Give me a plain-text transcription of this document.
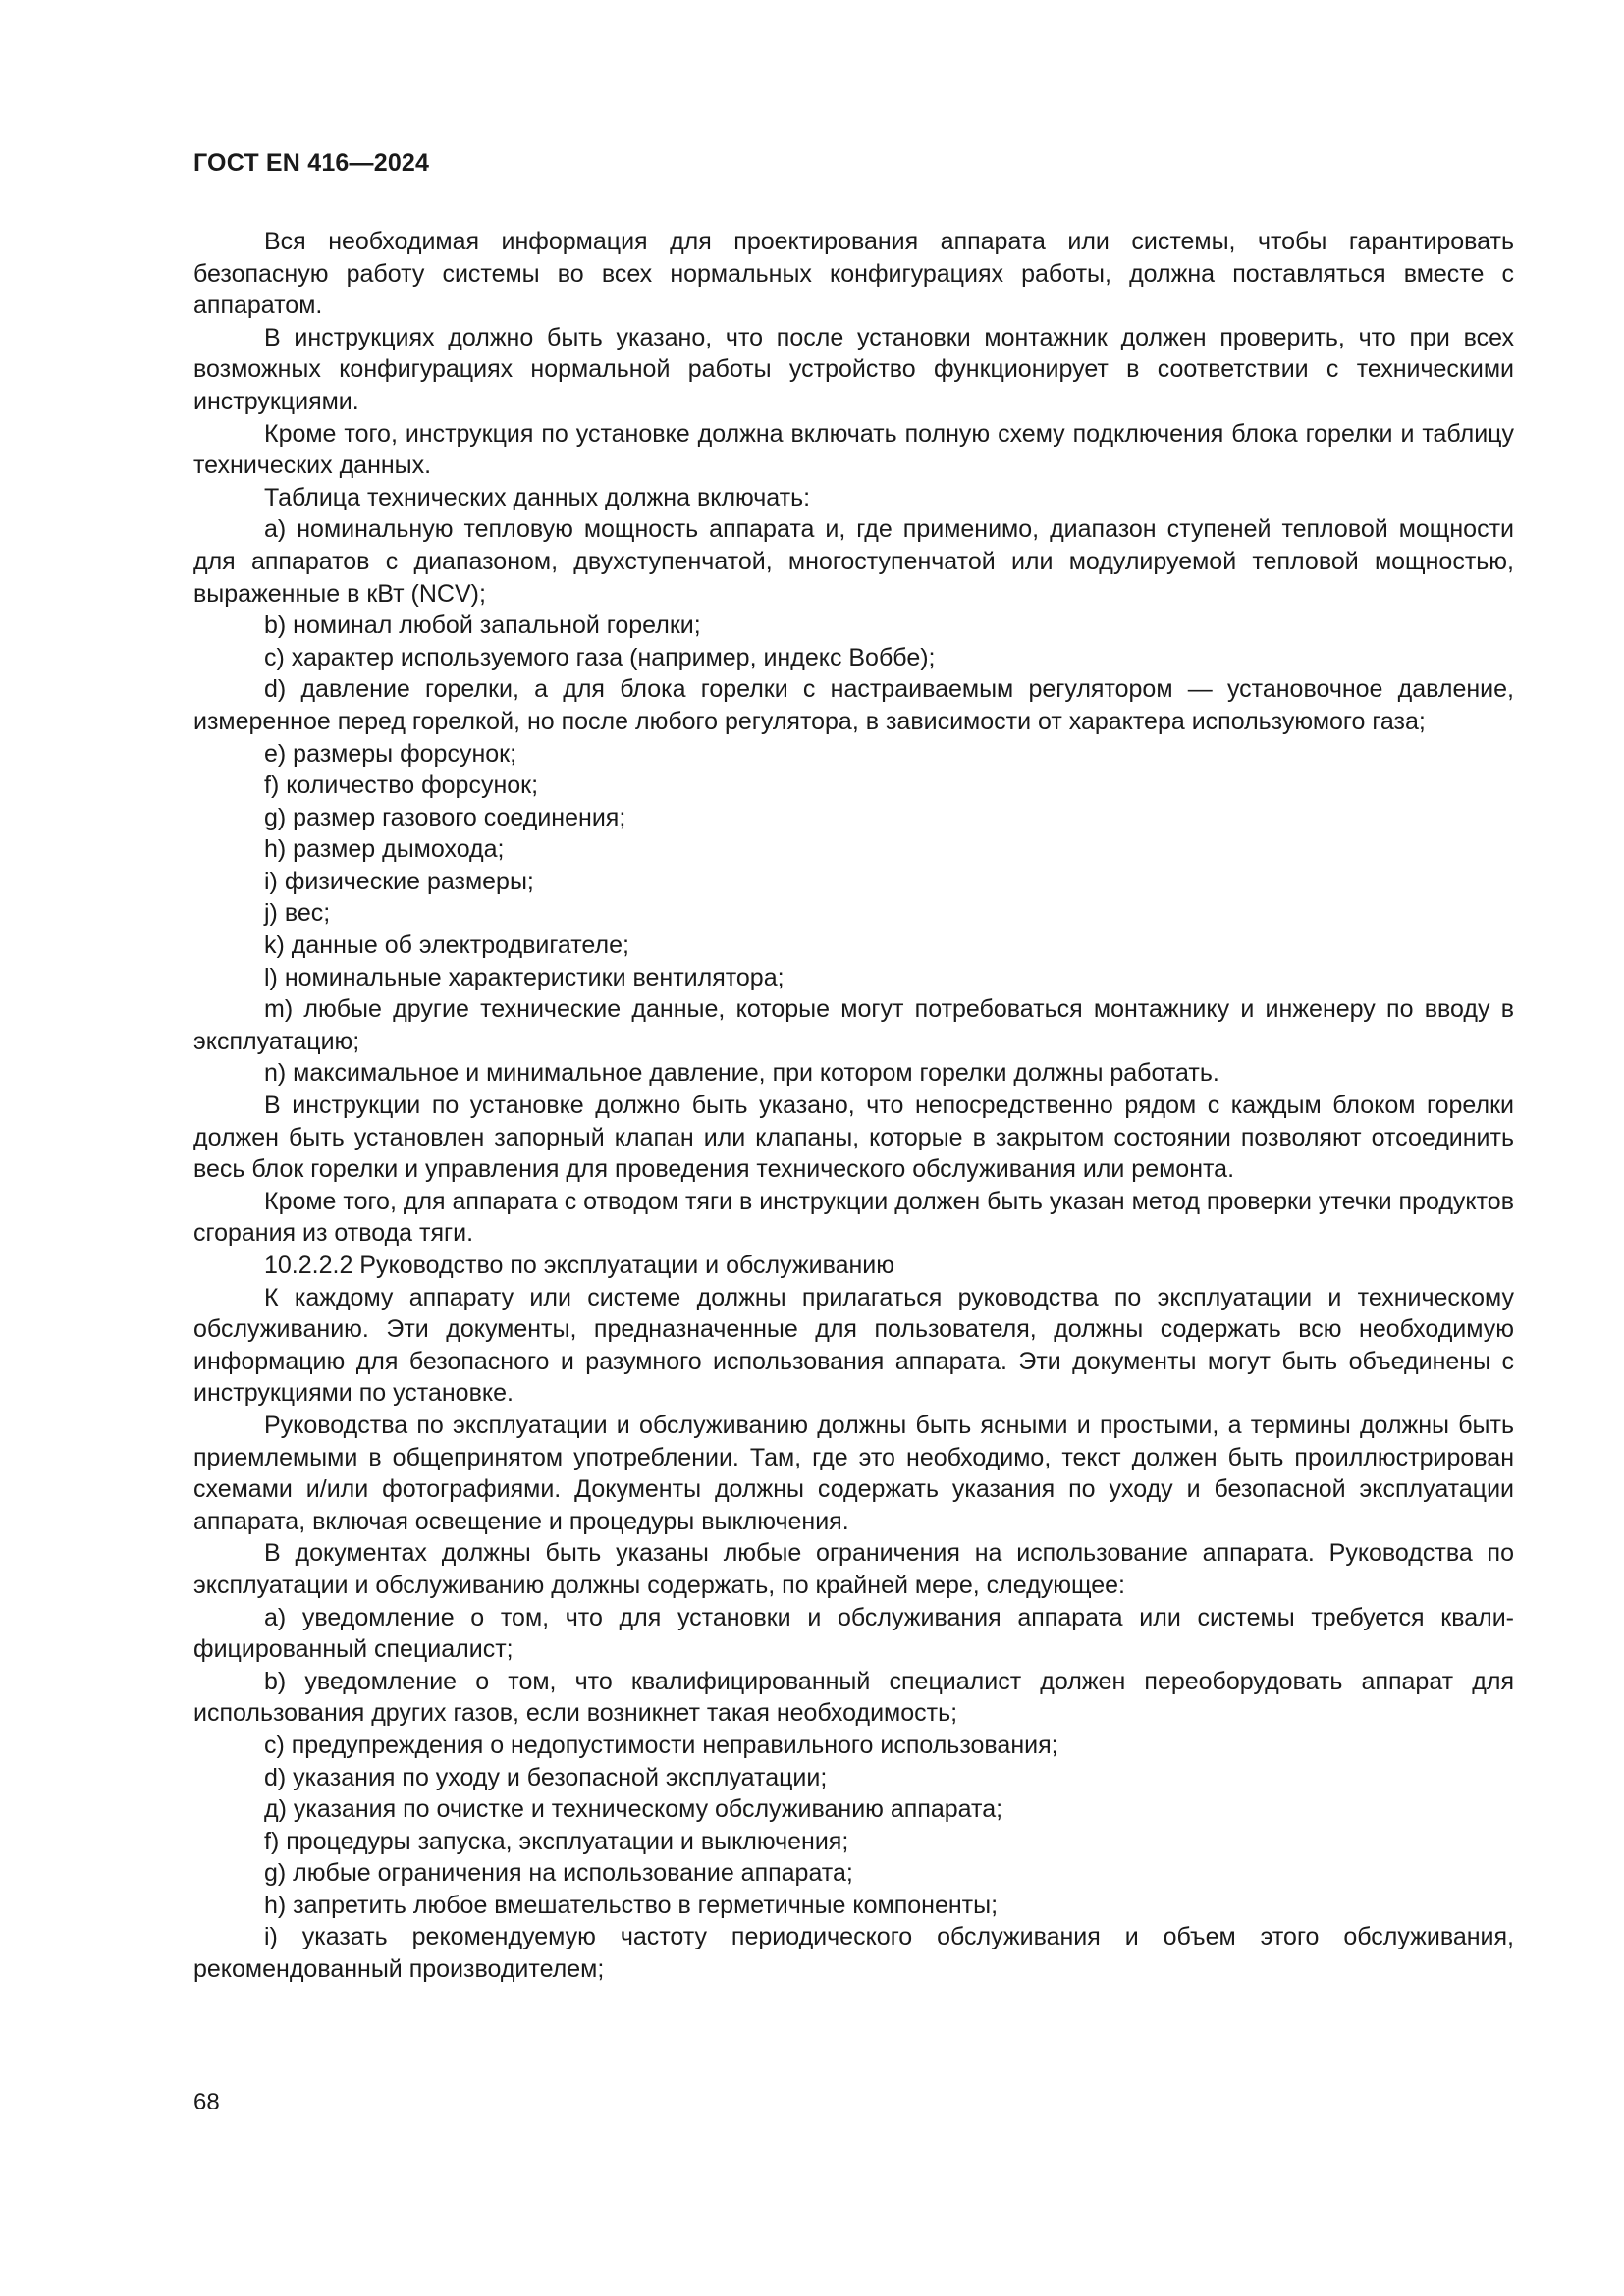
ГОСТ EN 416—2024

Вся необходимая информация для проектирования аппарата или системы, чтобы гарантировать безопасную работу системы во всех нормальных конфигурациях работы, должна поставляться вместе с аппаратом.

В инструкциях должно быть указано, что после установки монтажник должен проверить, что при всех возможных конфигурациях нормальной работы устройство функционирует в соответствии с техническими инструкциями.

Кроме того, инструкция по установке должна включать полную схему подключения блока горелки и таблицу технических данных.

Таблица технических данных должна включать:

а) номинальную тепловую мощность аппарата и, где применимо, диапазон ступеней тепловой мощности для аппаратов с диапазоном, двухступенчатой, многоступенчатой или модулируемой тепловой мощностью, выраженные в кВт (NCV);

b) номинал любой запальной горелки;

c) характер используемого газа (например, индекс Воббе);

d) давление горелки, а для блока горелки с настраиваемым регулятором — установочное давление, измеренное перед горелкой, но после любого регулятора, в зависимости от характера используюмого газа;

e) размеры форсунок;

f) количество форсунок;

g) размер газового соединения;

h) размер дымохода;

i) физические размеры;

j) вес;

k) данные об электродвигателе;

l) номинальные характеристики вентилятора;

m) любые другие технические данные, которые могут потребоваться монтажнику и инженеру по вводу в эксплуатацию;

n) максимальное и минимальное давление, при котором горелки должны работать.

В инструкции по установке должно быть указано, что непосредственно рядом с каждым блоком горелки должен быть установлен запорный клапан или клапаны, которые в закрытом состоянии позволяют отсоединить весь блок горелки и управления для проведения технического обслуживания или ремонта.

Кроме того, для аппарата с отводом тяги в инструкции должен быть указан метод проверки утечки продуктов сгорания из отвода тяги.

10.2.2.2 Руководство по эксплуатации и обслуживанию

К каждому аппарату или системе должны прилагаться руководства по эксплуатации и техническому обслуживанию. Эти документы, предназначенные для пользователя, должны содержать всю необходимую информацию для безопасного и разумного использования аппарата. Эти документы могут быть объединены с инструкциями по установке.

Руководства по эксплуатации и обслуживанию должны быть ясными и простыми, а термины должны быть приемлемыми в общепринятом употреблении. Там, где это необходимо, текст должен быть проиллюстрирован схемами и/или фотографиями. Документы должны содержать указания по уходу и безопасной эксплуатации аппарата, включая освещение и процедуры выключения.

В документах должны быть указаны любые ограничения на использование аппарата. Руководства по эксплуатации и обслуживанию должны содержать, по крайней мере, следующее:

a) уведомление о том, что для установки и обслуживания аппарата или системы требуется квалифицированный специалист;

b) уведомление о том, что квалифицированный специалист должен переоборудовать аппарат для использования других газов, если возникнет такая необходимость;

c) предупреждения о недопустимости неправильного использования;

d) указания по уходу и безопасной эксплуатации;

д) указания по очистке и техническому обслуживанию аппарата;

f) процедуры запуска, эксплуатации и выключения;

g) любые ограничения на использование аппарата;

h) запретить любое вмешательство в герметичные компоненты;

i) указать рекомендуемую частоту периодического обслуживания и объем этого обслуживания, рекомендованный производителем;

68
